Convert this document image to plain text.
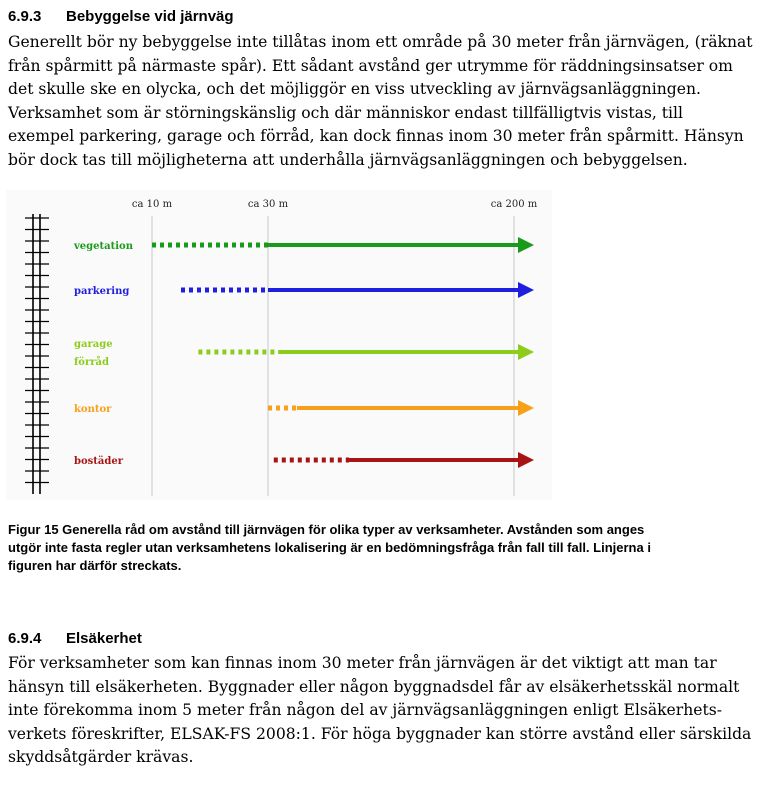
6.9.3 Bebyggelse vid järnväg
Generellt bör ny bebyggelse inte tillåtas inom ett område på 30 meter från järnvägen, (räknat
från spårmitt på närmaste spår). Ett sådant avstånd ger utrymme för räddningsinsatser om
det skulle ske en olycka, och det möjliggör en viss utveckling av järnvägsanläggningen.
Verksamhet som är störningskänslig och där människor endast tillfälligtvis vistas, till
exempel parkering, garage och förråd, kan dock finnas inom 30 meter från spårmitt. Hänsyn
bör dock tas till möjligheterna att underhålla järnvägsanläggningen och bebyggelsen.
ca 10 m	ca 30 m	ca 200 m
vegetation
parkering
garage
förråd
kontor
bostäder
Figur 15 Generella råd om avstånd till järnvägen för olika typer av verksamheter. Avstånden som anges
utgör inte fasta regler utan verksamhetens lokalisering är en bedömningsfråga från fall till fall. Linjerna i
figuren har därför streckats.
6.9.4 Elsäkerhet
För verksamheter som kan finnas inom 30 meter från järnvägen är det viktigt att man tar
hänsyn till elsäkerheten. Byggnader eller någon byggnadsdel får av elsäkerhetsskäl normalt
inte förekomma inom 5 meter från någon del av järnvägsanläggningen enligt Elsäkerhets-
verkets föreskrifter, ELSAK-FS 2008:1. För höga byggnader kan större avstånd eller särskilda
skyddsåtgärder krävas.
